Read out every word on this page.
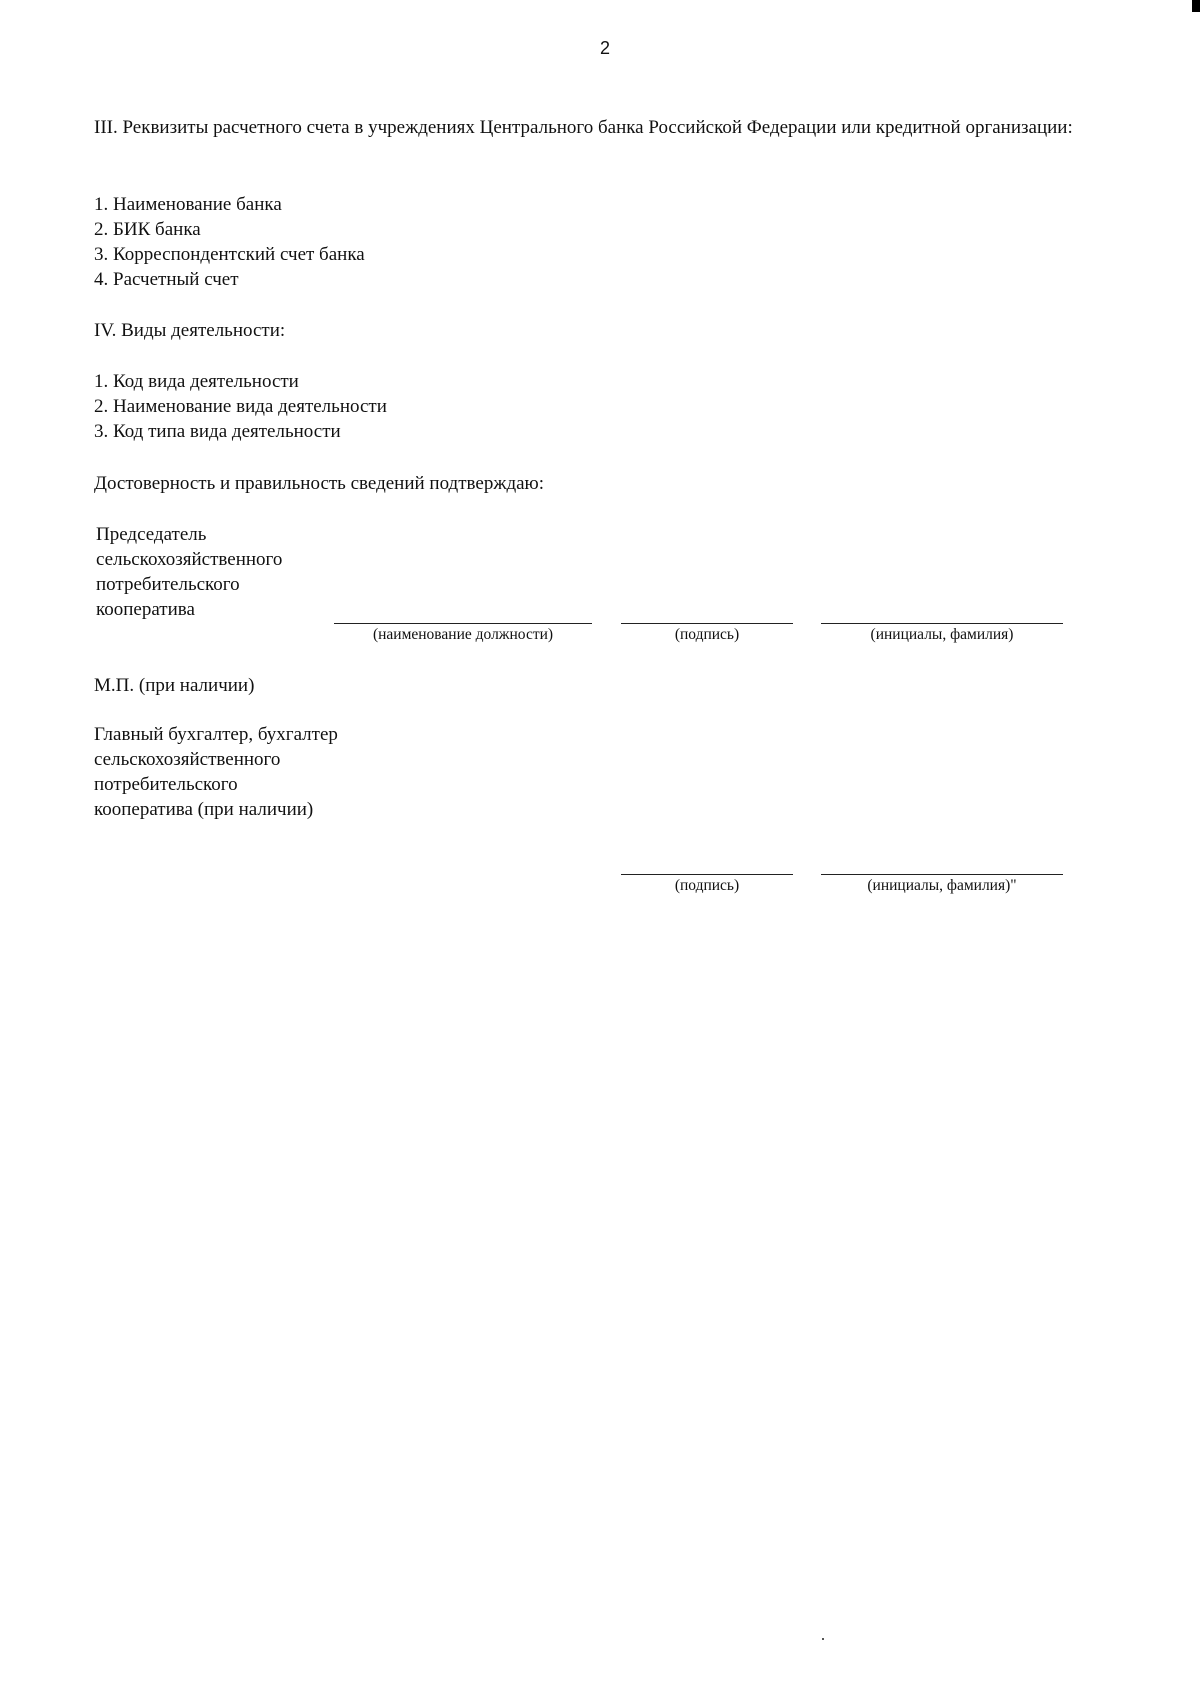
2
III. Реквизиты расчетного счета в учреждениях Центрального банка Российской Федерации или кредитной организации:
1. Наименование банка
2. БИК банка
3. Корреспондентский счет банка
4. Расчетный счет
IV. Виды деятельности:
1. Код вида деятельности
2. Наименование вида деятельности
3. Код типа вида деятельности
Достоверность и правильность сведений подтверждаю:
Председатель
сельскохозяйственного
потребительского
кооператива
(наименование должности)	(подпись)	(инициалы, фамилия)
М.П. (при наличии)
Главный бухгалтер, бухгалтер
сельскохозяйственного
потребительского
кооператива (при наличии)
(подпись)	(инициалы, фамилия)"
